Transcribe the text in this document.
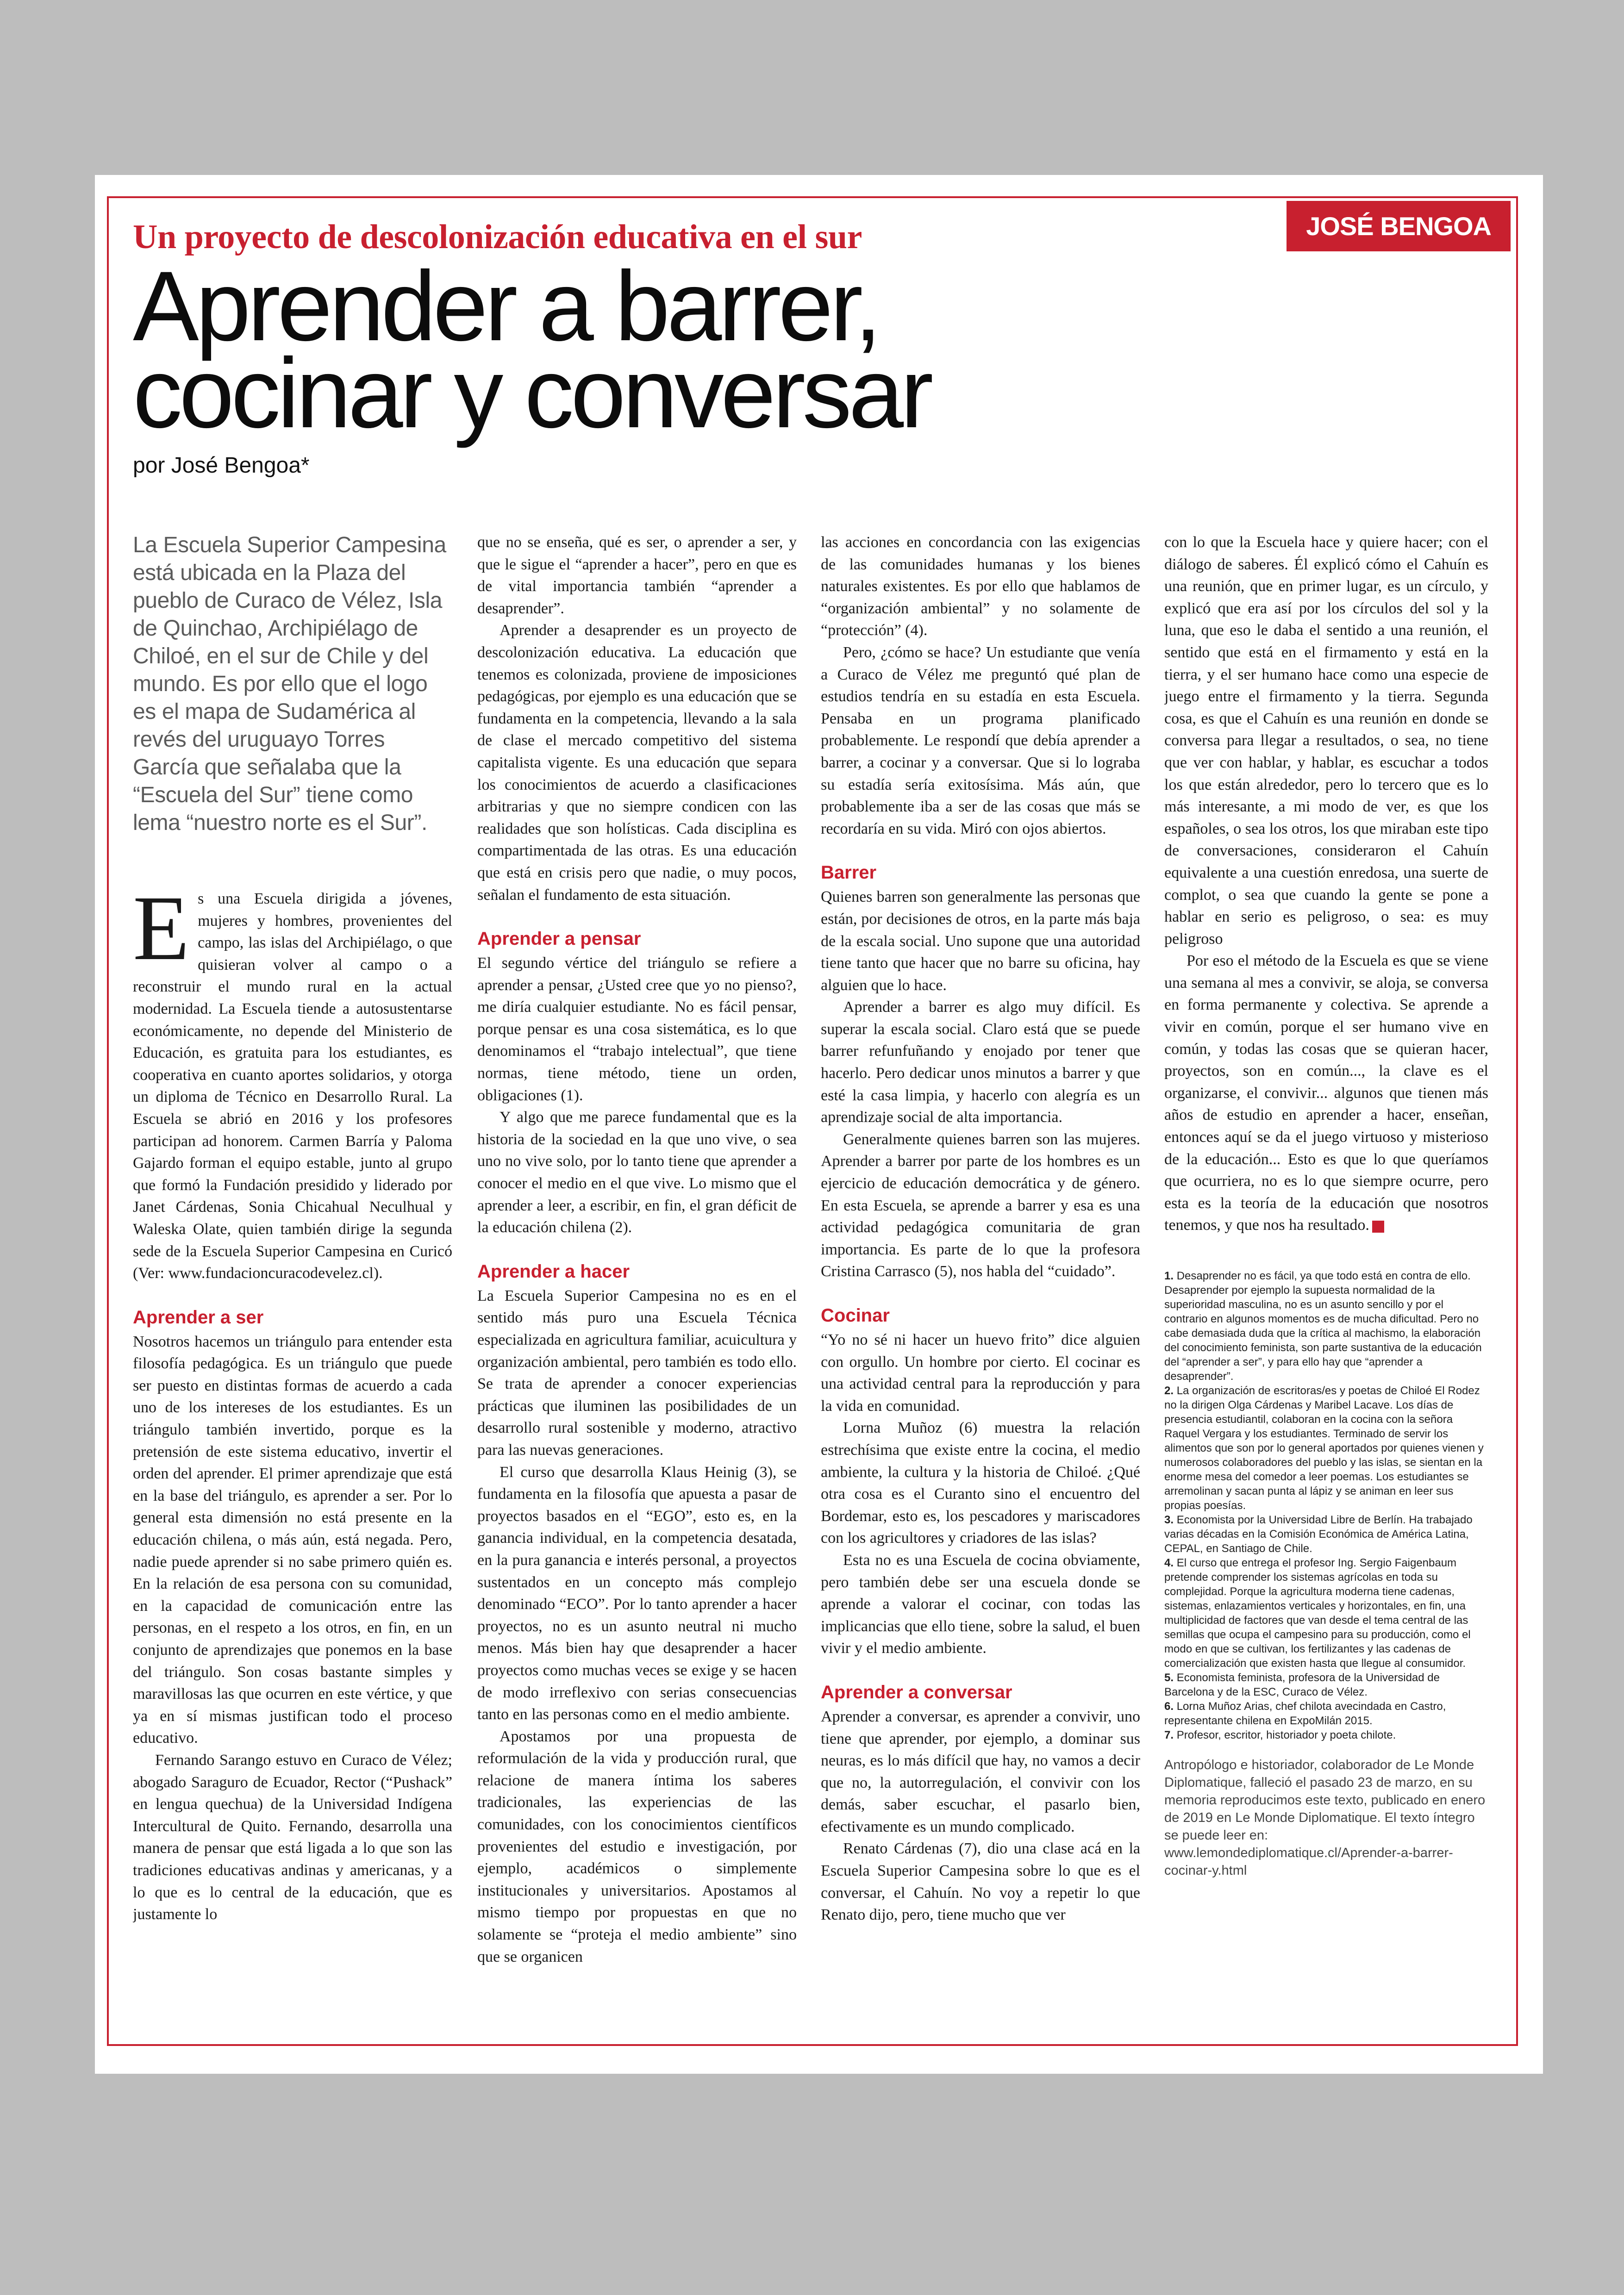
Un proyecto de descolonización educativa en el sur	JOSÉ BENGOA
Aprender a barrer,
cocinar y conversar
por José Bengoa*
La Escuela Superior Campesina está ubicada en la Plaza del pueblo de Curaco de Vélez, Isla de Quinchao, Archipiélago de Chiloé, en el sur de Chile y del mundo. Es por ello que el logo es el mapa de Sudamérica al revés del uruguayo Torres García que señalaba que la “Escuela del Sur” tiene como lema “nuestro norte es el Sur”.

Es una Escuela dirigida a jóvenes, mujeres y hombres, provenientes del campo, las islas del Archipiélago, o que quisieran volver al campo o a reconstruir el mundo rural en la actual modernidad. La Escuela tiende a autosustentarse económicamente, no depende del Ministerio de Educación, es gratuita para los estudiantes, es cooperativa en cuanto aportes solidarios, y otorga un diploma de Técnico en Desarrollo Rural. La Escuela se abrió en 2016 y los profesores participan ad honorem. Carmen Barría y Paloma Gajardo forman el equipo estable, junto al grupo que formó la Fundación presidido y liderado por Janet Cárdenas, Sonia Chicahual Neculhual y Waleska Olate, quien también dirige la segunda sede de la Escuela Superior Campesina en Curicó (Ver: www.fundacioncuracodevelez.cl).

Aprender a ser

Nosotros hacemos un triángulo para entender esta filosofía pedagógica. Es un triángulo que puede ser puesto en distintas formas de acuerdo a cada uno de los intereses de los estudiantes. Es un triángulo también invertido, porque es la pretensión de este sistema educativo, invertir el orden del aprender. El primer aprendizaje que está en la base del triángulo, es aprender a ser. Por lo general esta dimensión no está presente en la educación chilena, o más aún, está negada. Pero, nadie puede aprender si no sabe primero quién es. En la relación de esa persona con su comunidad, en la capacidad de comunicación entre las personas, en el respeto a los otros, en fin, en un conjunto de aprendizajes que ponemos en la base del triángulo. Son cosas bastante simples y maravillosas las que ocurren en este vértice, y que ya en sí mismas justifican todo el proceso educativo.

Fernando Sarango estuvo en Curaco de Vélez; abogado Saraguro de Ecuador, Rector (“Pushack” en lengua quechua) de la Universidad Indígena Intercultural de Quito. Fernando, desarrolla una manera de pensar que está ligada a lo que son las tradiciones educativas andinas y americanas, y a lo que es lo central de la educación, que es justamente lo

que no se enseña, qué es ser, o aprender a ser, y que le sigue el “aprender a hacer”, pero en que es de vital importancia también “aprender a desaprender”.

Aprender a desaprender es un proyecto de descolonización educativa. La educación que tenemos es colonizada, proviene de imposiciones pedagógicas, por ejemplo es una educación que se fundamenta en la competencia, llevando a la sala de clase el mercado competitivo del sistema capitalista vigente. Es una educación que separa los conocimientos de acuerdo a clasificaciones arbitrarias y que no siempre condicen con las realidades que son holísticas. Cada disciplina es compartimentada de las otras. Es una educación que está en crisis pero que nadie, o muy pocos, señalan el fundamento de esta situación.

Aprender a pensar

El segundo vértice del triángulo se refiere a aprender a pensar, ¿Usted cree que yo no pienso?, me diría cualquier estudiante. No es fácil pensar, porque pensar es una cosa sistemática, es lo que denominamos el “trabajo intelectual”, que tiene normas, tiene método, tiene un orden, obligaciones (1).

Y algo que me parece fundamental que es la historia de la sociedad en la que uno vive, o sea uno no vive solo, por lo tanto tiene que aprender a conocer el medio en el que vive. Lo mismo que el aprender a leer, a escribir, en fin, el gran déficit de la educación chilena (2).

Aprender a hacer

La Escuela Superior Campesina no es en el sentido más puro una Escuela Técnica especializada en agricultura familiar, acuicultura y organización ambiental, pero también es todo ello. Se trata de aprender a conocer experiencias prácticas que iluminen las posibilidades de un desarrollo rural sostenible y moderno, atractivo para las nuevas generaciones.

El curso que desarrolla Klaus Heinig (3), se fundamenta en la filosofía que apuesta a pasar de proyectos basados en el “EGO”, esto es, en la ganancia individual, en la competencia desatada, en la pura ganancia e interés personal, a proyectos sustentados en un concepto más complejo denominado “ECO”. Por lo tanto aprender a hacer proyectos, no es un asunto neutral ni mucho menos. Más bien hay que desaprender a hacer proyectos como muchas veces se exige y se hacen de modo irreflexivo con serias consecuencias tanto en las personas como en el medio ambiente.

Apostamos por una propuesta de reformulación de la vida y producción rural, que relacione de manera íntima los saberes tradicionales, las experiencias de las comunidades, con los conocimientos científicos provenientes del estudio e investigación, por ejemplo, académicos o simplemente institucionales y universitarios. Apostamos al mismo tiempo por propuestas en que no solamente se “proteja el medio ambiente” sino que se organicen

las acciones en concordancia con las exigencias de las comunidades humanas y los bienes naturales existentes. Es por ello que hablamos de “organización ambiental” y no solamente de “protección” (4).

Pero, ¿cómo se hace? Un estudiante que venía a Curaco de Vélez me preguntó qué plan de estudios tendría en su estadía en esta Escuela. Pensaba en un programa planificado probablemente. Le respondí que debía aprender a barrer, a cocinar y a conversar. Que si lo lograba su estadía sería exitosísima. Más aún, que probablemente iba a ser de las cosas que más se recordaría en su vida. Miró con ojos abiertos.

Barrer

Quienes barren son generalmente las personas que están, por decisiones de otros, en la parte más baja de la escala social. Uno supone que una autoridad tiene tanto que hacer que no barre su oficina, hay alguien que lo hace.

Aprender a barrer es algo muy difícil. Es superar la escala social. Claro está que se puede barrer refunfuñando y enojado por tener que hacerlo. Pero dedicar unos minutos a barrer y que esté la casa limpia, y hacerlo con alegría es un aprendizaje social de alta importancia.

Generalmente quienes barren son las mujeres. Aprender a barrer por parte de los hombres es un ejercicio de educación democrática y de género. En esta Escuela, se aprende a barrer y esa es una actividad pedagógica comunitaria de gran importancia. Es parte de lo que la profesora Cristina Carrasco (5), nos habla del “cuidado”.

Cocinar

“Yo no sé ni hacer un huevo frito” dice alguien con orgullo. Un hombre por cierto. El cocinar es una actividad central para la reproducción y para la vida en comunidad.

Lorna Muñoz (6) muestra la relación estrechísima que existe entre la cocina, el medio ambiente, la cultura y la historia de Chiloé. ¿Qué otra cosa es el Curanto sino el encuentro del Bordemar, esto es, los pescadores y mariscadores con los agricultores y criadores de las islas?

Esta no es una Escuela de cocina obviamente, pero también debe ser una escuela donde se aprende a valorar el cocinar, con todas las implicancias que ello tiene, sobre la salud, el buen vivir y el medio ambiente.

Aprender a conversar

Aprender a conversar, es aprender a convivir, uno tiene que aprender, por ejemplo, a dominar sus neuras, es lo más difícil que hay, no vamos a decir que no, la autorregulación, el convivir con los demás, saber escuchar, el pasarlo bien, efectivamente es un mundo complicado.

Renato Cárdenas (7), dio una clase acá en la Escuela Superior Campesina sobre lo que es el conversar, el Cahuín. No voy a repetir lo que Renato dijo, pero, tiene mucho que ver

con lo que la Escuela hace y quiere hacer; con el diálogo de saberes. Él explicó cómo el Cahuín es una reunión, que en primer lugar, es un círculo, y explicó que era así por los círculos del sol y la luna, que eso le daba el sentido a una reunión, el sentido que está en el firmamento y está en la tierra, y el ser humano hace como una especie de juego entre el firmamento y la tierra. Segunda cosa, es que el Cahuín es una reunión en donde se conversa para llegar a resultados, o sea, no tiene que ver con hablar, y hablar, es escuchar a todos los que están alrededor, pero lo tercero que es lo más interesante, a mi modo de ver, es que los españoles, o sea los otros, los que miraban este tipo de conversaciones, consideraron el Cahuín equivalente a una cuestión enredosa, una suerte de complot, o sea que cuando la gente se pone a hablar en serio es peligroso, o sea: es muy peligroso

Por eso el método de la Escuela es que se viene una semana al mes a convivir, se aloja, se conversa en forma permanente y colectiva. Se aprende a vivir en común, porque el ser humano vive en común, y todas las cosas que se quieran hacer, proyectos, son en común..., la clave es el organizarse, el convivir... algunos que tienen más años de estudio en aprender a hacer, enseñan, entonces aquí se da el juego virtuoso y misterioso de la educación... Esto es que lo que queríamos que ocurriera, no es lo que siempre ocurre, pero esta es la teoría de la educación que nosotros tenemos, y que nos ha resultado.

1. Desaprender no es fácil, ya que todo está en contra de ello. Desaprender por ejemplo la supuesta normalidad de la superioridad masculina, no es un asunto sencillo y por el contrario en algunos momentos es de mucha dificultad. Pero no cabe demasiada duda que la crítica al machismo, la elaboración del conocimiento feminista, son parte sustantiva de la educación del “aprender a ser”, y para ello hay que “aprender a desaprender”.
2. La organización de escritoras/es y poetas de Chiloé El Rodez no la dirigen Olga Cárdenas y Maribel Lacave. Los días de presencia estudiantil, colaboran en la cocina con la señora Raquel Vergara y los estudiantes. Terminado de servir los alimentos que son por lo general aportados por quienes vienen y numerosos colaboradores del pueblo y las islas, se sientan en la enorme mesa del comedor a leer poemas. Los estudiantes se arremolinan y sacan punta al lápiz y se animan en leer sus propias poesías.
3. Economista por la Universidad Libre de Berlín. Ha trabajado varias décadas en la Comisión Económica de América Latina, CEPAL, en Santiago de Chile.
4. El curso que entrega el profesor Ing. Sergio Faigenbaum pretende comprender los sistemas agrícolas en toda su complejidad. Porque la agricultura moderna tiene cadenas, sistemas, enlazamientos verticales y horizontales, en fin, una multiplicidad de factores que van desde el tema central de las semillas que ocupa el campesino para su producción, como el modo en que se cultivan, los fertilizantes y las cadenas de comercialización que existen hasta que llegue al consumidor.
5. Economista feminista, profesora de la Universidad de Barcelona y de la ESC, Curaco de Vélez.
6. Lorna Muñoz Arias, chef chilota avecindada en Castro, representante chilena en ExpoMilán 2015.
7. Profesor, escritor, historiador y poeta chilote.
Antropólogo e historiador, colaborador de Le Monde Diplomatique, falleció el pasado 23 de marzo, en su memoria reproducimos este texto, publicado en enero de 2019 en Le Monde Diplomatique. El texto íntegro se puede leer en: www.lemondediplomatique.cl/Aprender-a-barrer-cocinar-y.html
